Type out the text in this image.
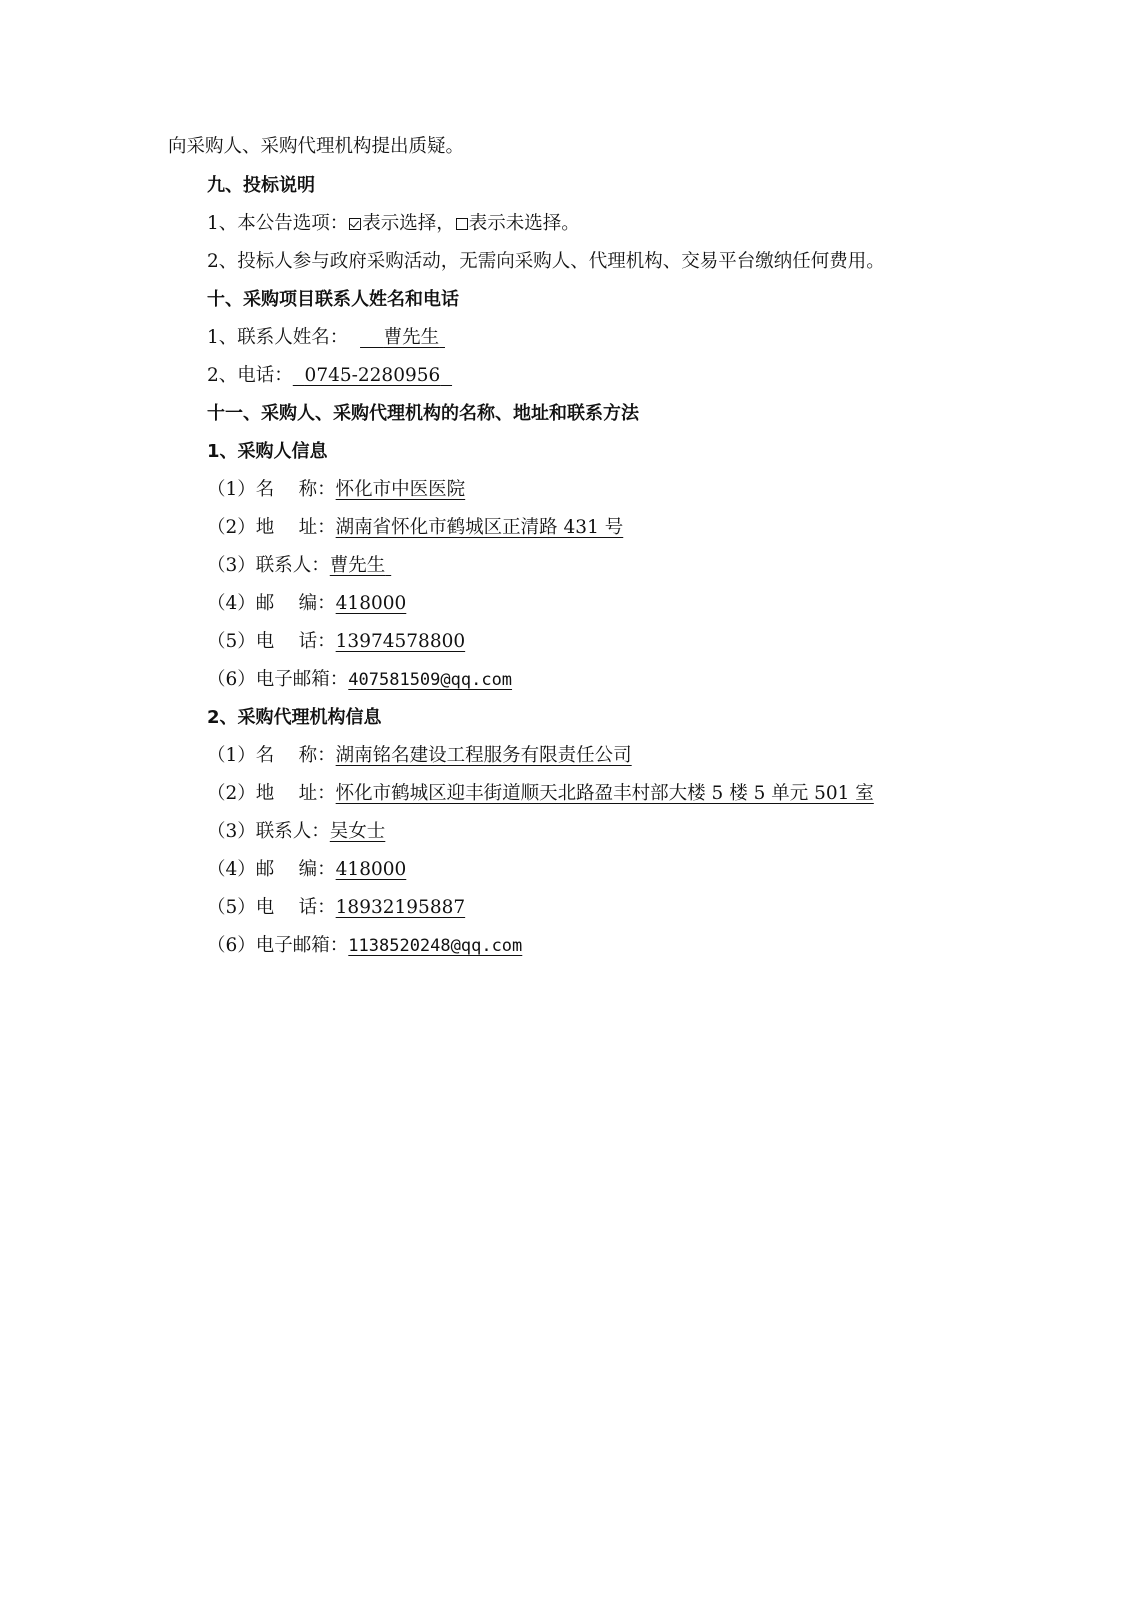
向采购人、采购代理机构提出质疑。
九、投标说明
1、本公告选项： 表示选择， 表示未选择。
2、投标人参与政府采购活动，无需向采购人、代理机构、交易平台缴纳任何费用。
十、采购项目联系人姓名和电话
1、联系人姓名： 曹先生
2、电话： 0745-2280956
十一、采购人、采购代理机构的名称、地址和联系方法
1、采购人信息
（1）名　 称：怀化市中医医院
（2）地　 址：湖南省怀化市鹤城区正清路 431 号
（3）联系人：曹先生
（4）邮　 编：418000
（5）电　 话：13974578800
（6）电子邮箱：407581509@qq.com
2、采购代理机构信息
（1）名　 称：湖南铭名建设工程服务有限责任公司
（2）地　 址：怀化市鹤城区迎丰街道顺天北路盈丰村部大楼 5 楼 5 单元 501 室
（3）联系人：吴女士
（4）邮　 编：418000
（5）电　 话：18932195887
（6）电子邮箱：1138520248@qq.com
